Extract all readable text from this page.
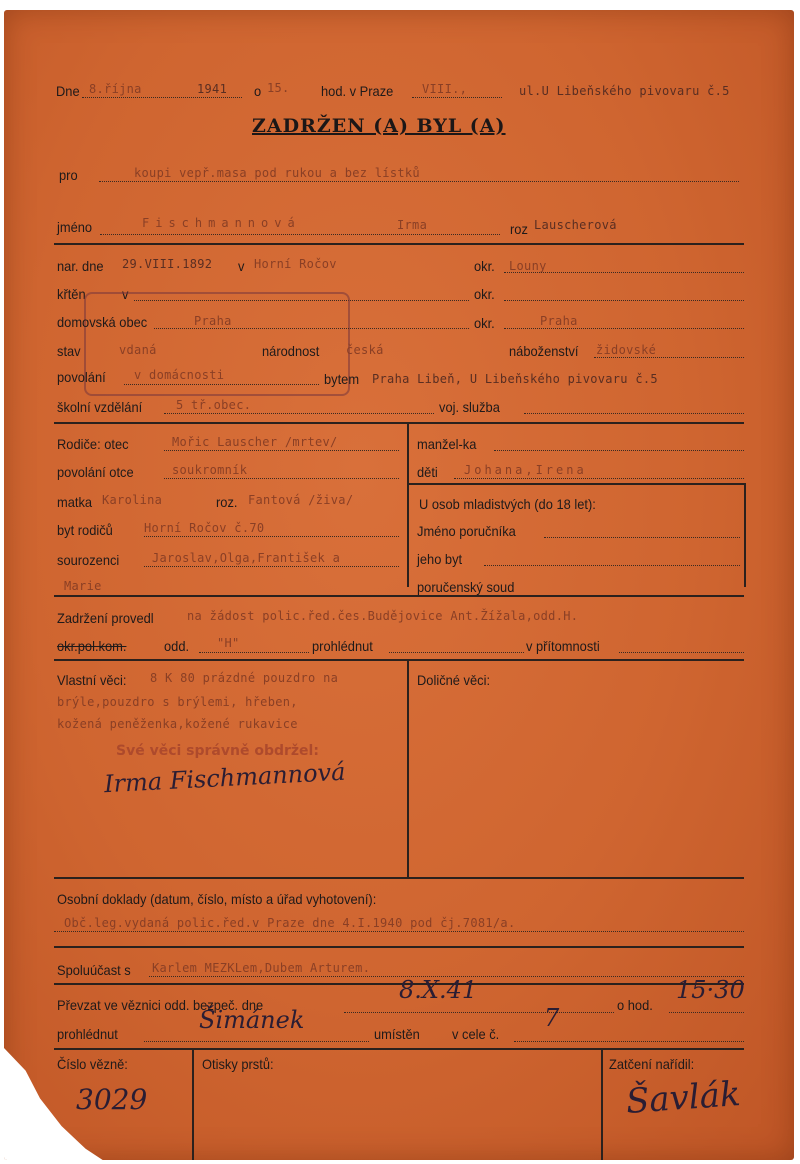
Dne 8.října	1941 o 15. hod. v Praze VIII.,	ul.U Libeňského pivovaru č.5
ZADRŽEN (A) BYL (A)
pro	koupi vepř.masa pod rukou a bez lístků
jméno	Fischmannová	Irma	roz Lauscherová
nar. dne 29.VIII.1892 v Horní Ročov	okr. Louny
křtěn	v	okr.
domovská obec	Praha	okr.	Praha
stav	vdaná	národnost česká	náboženství židovské
povolání v domácnosti	bytem Praha Libeň, U Libeňského pivovaru č.5
školní vzdělání	5 tř.obec.	voj. služba
Rodiče: otec	Mořic Lauscher /mrtev/
povolání otce	soukromník
matka Karolina	roz. Fantová /živa/
byt rodičů	Horní Ročov č.70
sourozenci	Jaroslav,Olga,František a
Marie
manžel-ka
děti Johana,Irena
U osob mladistvých (do 18 let):
Jméno poručníka
jeho byt
poručenský soud
Zadržení provedl	na žádost polic.řed.čes.Budějovice Ant.Žížala,odd.H.
okr.pol.kom.	odd. "H"	prohlédnut	v přítomnosti
Vlastní věci: 8 K 80 prázdné pouzdro na
brýle,pouzdro s brýlemi, hřeben,
kožená peněženka,kožené rukavice
Své věci správně obdržel:
Irma Fischmannová
Doličné věci:
Osobní doklady (datum, číslo, místo a úřad vyhotovení):
Obč.leg.vydaná polic.řed.v Praze dne 4.I.1940 pod čj.7081/a.
Spoluúčast s Karlem MEZKLem,Dubem Arturem.
Převzat ve věznici odd. bezpeč. dne
8.X.41
o hod.
15·30
prohlédnut	Šimánek	umístěn v cele č.
7
Číslo vězně:
3029
Otisky prstů:	Zatčení nařídil:
Šavlák
